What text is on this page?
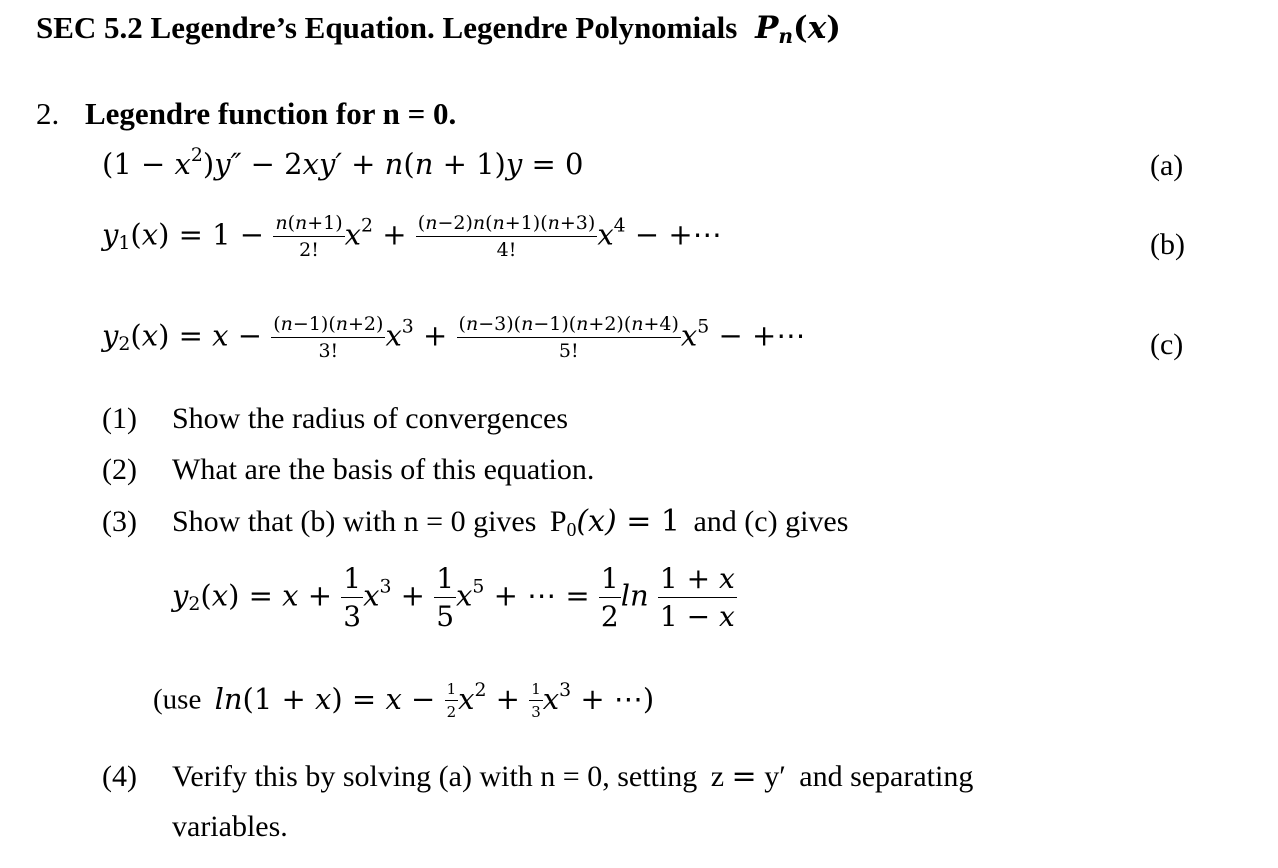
SEC 5.2 Legendre’s Equation. Legendre Polynomials $P_n(x)$
2. Legendre function for n = 0.
$(1 - x^2)y'' - 2xy' + n(n + 1)y = 0$	(a)
$y_1(x) = 1 - \frac{n(n+1)}{2!} x^2 + \frac{(n-2)n(n+1)(n+3)}{4!} x^4$ − +⋯	(b)
$y_2(x) = x - \frac{(n-1)(n+2)}{3!} x^3 + \frac{(n-3)(n-1)(n+2)(n+4)}{5!} x^5$ − +⋯	(c)
(1) Show the radius of convergences
(2) What are the basis of this equation.
(3) Show that (b) with n = 0 gives $P_0(x) = 1$ and (c) gives
$y_2(x) = x + \frac{1}{3} x^3 + \frac{1}{5} x^5$ + ⋯ = $\frac{1}{2}$ $\ln \frac{1 + x}{1 - x}$
(use $\ln(1 + x) = x - \frac{1}{2} x^2 + \frac{1}{3} x^3$ + ⋯)
(4) Verify this by solving (a) with n = 0, setting z = y′ and separating
variables.
